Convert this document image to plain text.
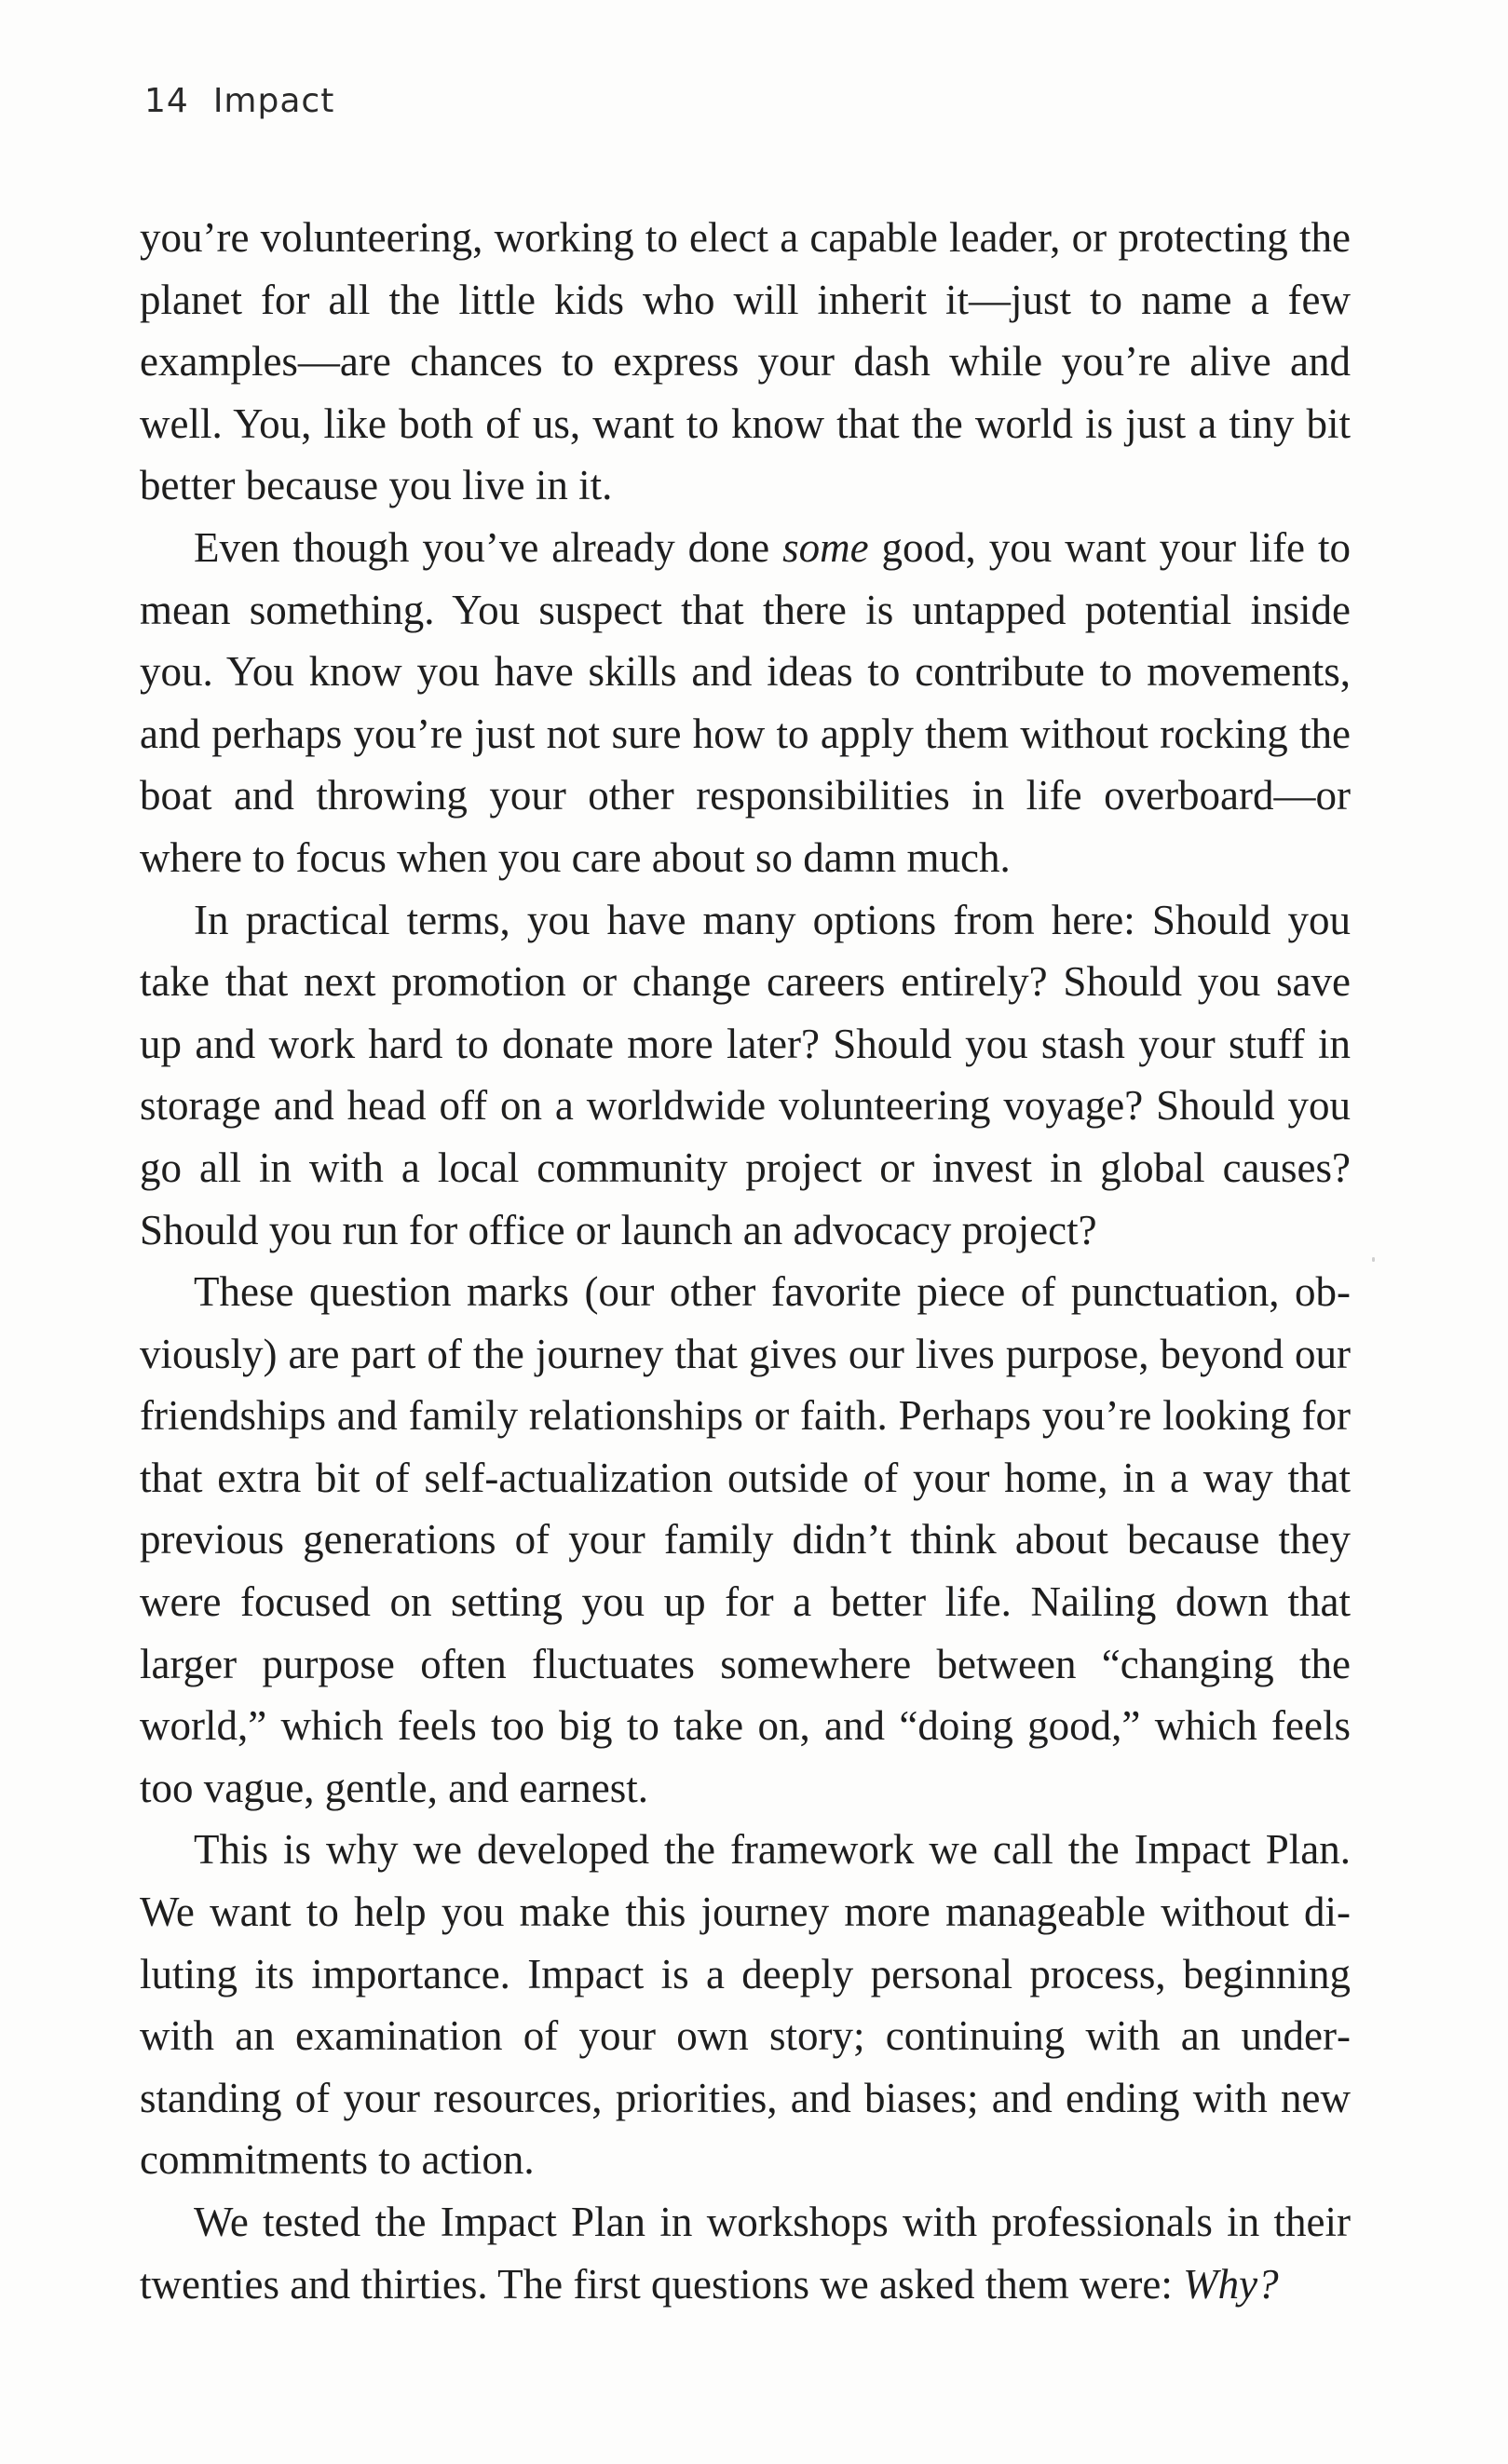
14 Impact

you’re volunteering, working to elect a capable leader, or protecting the planet for all the little kids who will inherit it—just to name a few examples—are chances to express your dash while you’re alive and well. You, like both of us, want to know that the world is just a tiny bit better because you live in it.

Even though you’ve already done some good, you want your life to mean something. You suspect that there is untapped potential inside you. You know you have skills and ideas to contribute to movements, and perhaps you’re just not sure how to apply them without rocking the boat and throwing your other responsibilities in life overboard—or where to focus when you care about so damn much.

In practical terms, you have many options from here: Should you take that next promotion or change careers entirely? Should you save up and work hard to donate more later? Should you stash your stuff in storage and head off on a worldwide volunteering voyage? Should you go all in with a local community project or invest in global causes? Should you run for office or launch an advocacy project?

These question marks (our other favorite piece of punctuation, obviously) are part of the journey that gives our lives purpose, beyond our friendships and family relationships or faith. Perhaps you’re looking for that extra bit of self-actualization outside of your home, in a way that previous generations of your family didn’t think about because they were focused on setting you up for a better life. Nailing down that larger purpose often fluctuates somewhere between “changing the world,” which feels too big to take on, and “doing good,” which feels too vague, gentle, and earnest.

This is why we developed the framework we call the Impact Plan. We want to help you make this journey more manageable without diluting its importance. Impact is a deeply personal process, beginning with an examination of your own story; continuing with an understanding of your resources, priorities, and biases; and ending with new commitments to action.

We tested the Impact Plan in workshops with professionals in their twenties and thirties. The first questions we asked them were: Why?
